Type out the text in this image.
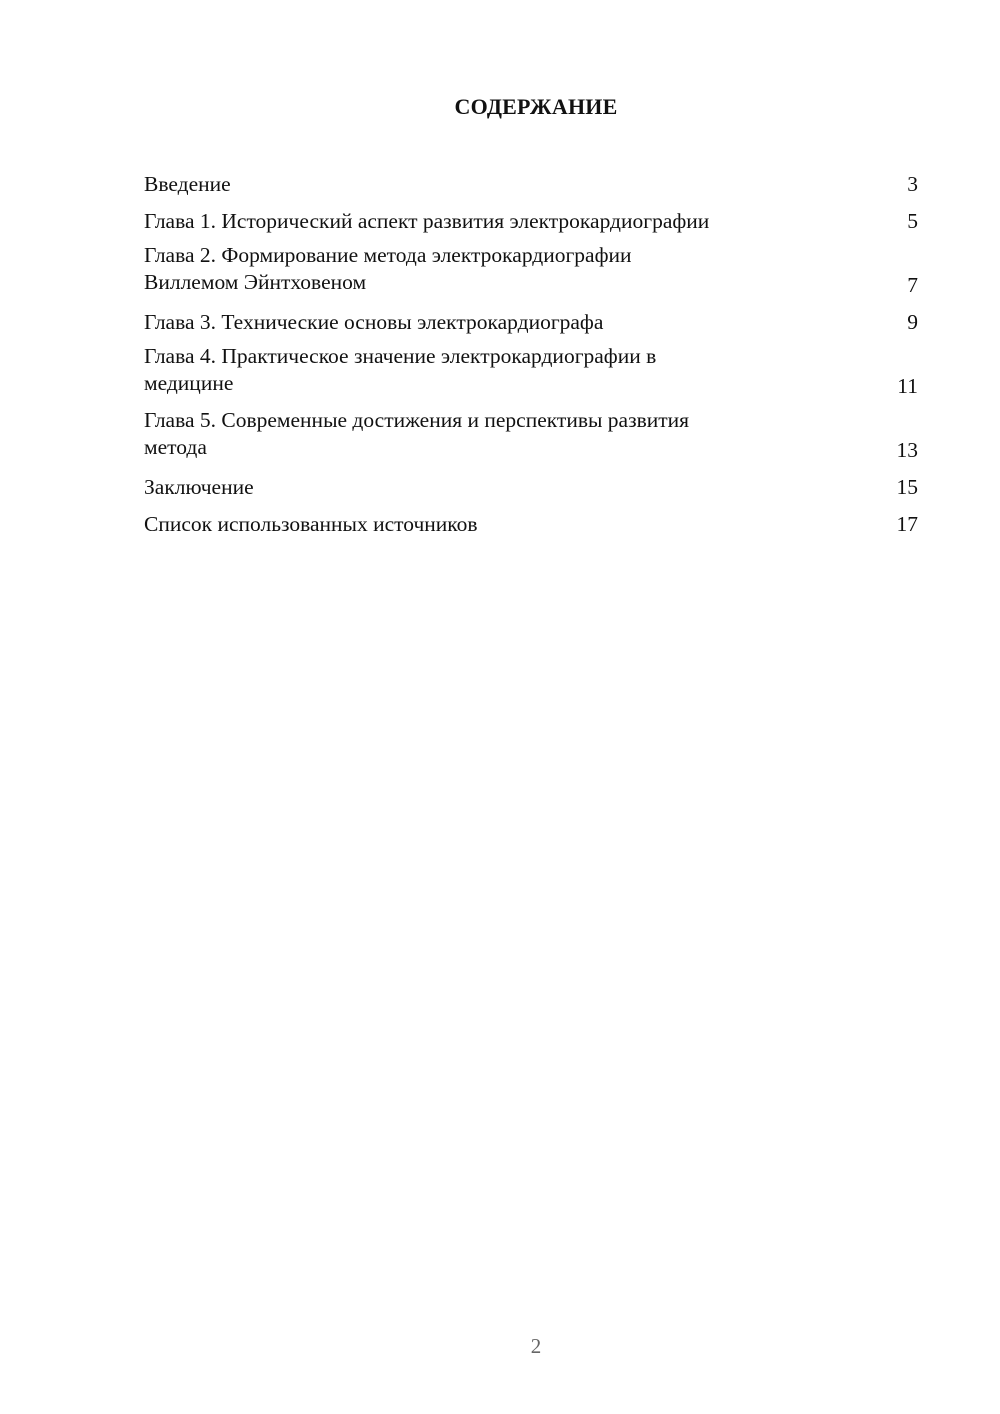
СОДЕРЖАНИЕ
Введение	3
Глава 1. Исторический аспект развития электрокардиографии	5
Глава 2. Формирование метода электрокардиографии
Виллемом Эйнтховеном	7
Глава 3. Технические основы электрокардиографа	9
Глава 4. Практическое значение электрокардиографии в
медицине	11
Глава 5. Современные достижения и перспективы развития
метода	13
Заключение	15
Список использованных источников	17
2
